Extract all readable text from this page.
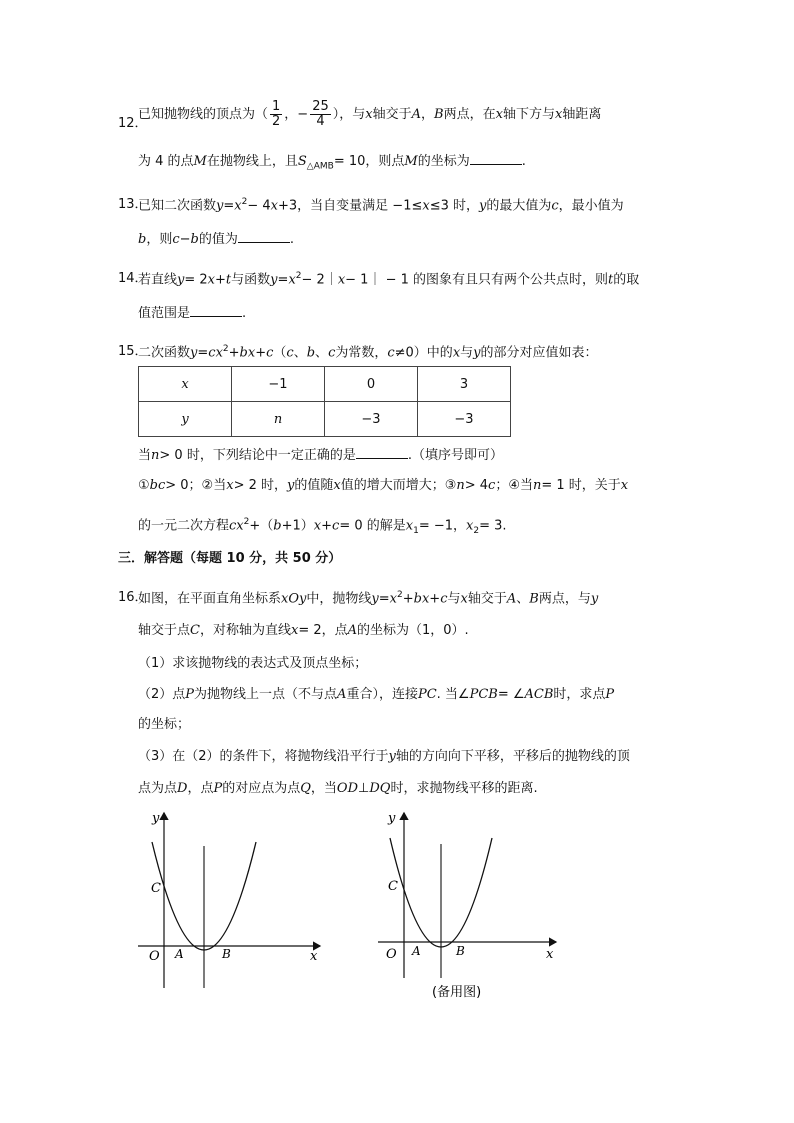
12．
已知抛物线的顶点为（ $\frac{1}{2}$ ，− $\frac{25}{4}$ ），与x轴交于A，B两点，在x轴下方与x轴距离
为 4 的点M在抛物线上，且$S_{\triangle AMB}= 10$，则点M的坐标为	.
13．
已知二次函数$y=x^2- 4x+3$，当自变量满足 −1≤x≤3 时，y的最大值为c，最小值为
b，则c−b的值为	.
14．
若直线y= 2x+t与函数$y=x^2-$ 2｜x− 1｜ − 1 的图象有且只有两个公共点时，则t的取
值范围是	.
15．
二次函数$y=cx^2+bx+c(c$、b、c为常数，c≠0）中的x与y的部分对应值如表：
x	−1	0	3
y	n	−3	−3
当n> 0 时，下列结论中一定正确的是	.（填序号即可）
①bc> 0；②当x> 2 时，y的值随x值的增大而增大；③n> 4c；④当n= 1 时，关于x
的一元二次方程$cx^2+(b+1)x+c= 0$ 的解是$x_1= -1$，$x_2= 3$.
三．解答题（每题 10 分，共 50 分）
16．
如图，在平面直角坐标系xOy中，抛物线$y=x^2+bx+c$与x轴交于A、B两点，与y
轴交于点C，对称轴为直线x= 2，点A的坐标为（1，0）.
（1）求该抛物线的表达式及顶点坐标；
（2）点P为抛物线上一点（不与点A重合），连接PC. 当∠PCB= ∠ACB时，求点P
的坐标；
（3）在（2）的条件下，将抛物线沿平行于y轴的方向向下平移，平移后的抛物线的顶
点为点D，点P的对应点为点Q，当OD⊥DQ时，求抛物线平移的距离.
y
x
O A	B
C
y
x
O A	B
C
(备用图)
